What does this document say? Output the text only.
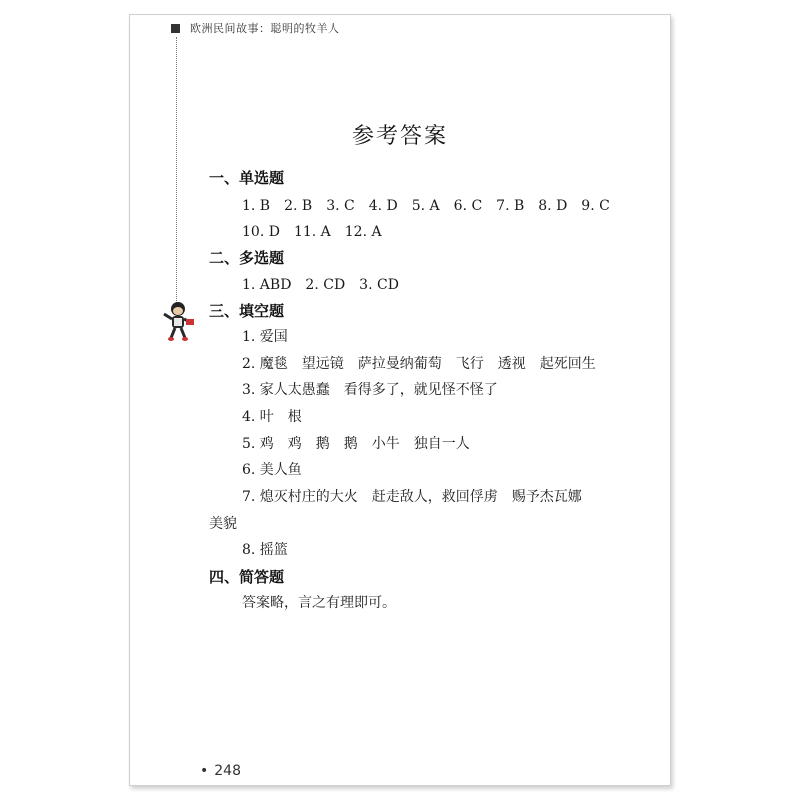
欧洲民间故事：聪明的牧羊人
参考答案
一、单选题
1. B　2. B　3. C　4. D　5. A　6. C　7. B　8. D　9. C
10. D　11. A　12. A
二、多选题
1. ABD　2. CD　3. CD
三、填空题
1. 爱国
2. 魔毯　望远镜　萨拉曼纳葡萄　飞行　透视　起死回生
3. 家人太愚蠢　看得多了，就见怪不怪了
4. 叶　根
5. 鸡　鸡　鹅　鹅　小牛　独自一人
6. 美人鱼
7. 熄灭村庄的大火　赶走敌人，救回俘虏　赐予杰瓦娜
美貌
8. 摇篮
四、简答题
答案略，言之有理即可。
• 248
